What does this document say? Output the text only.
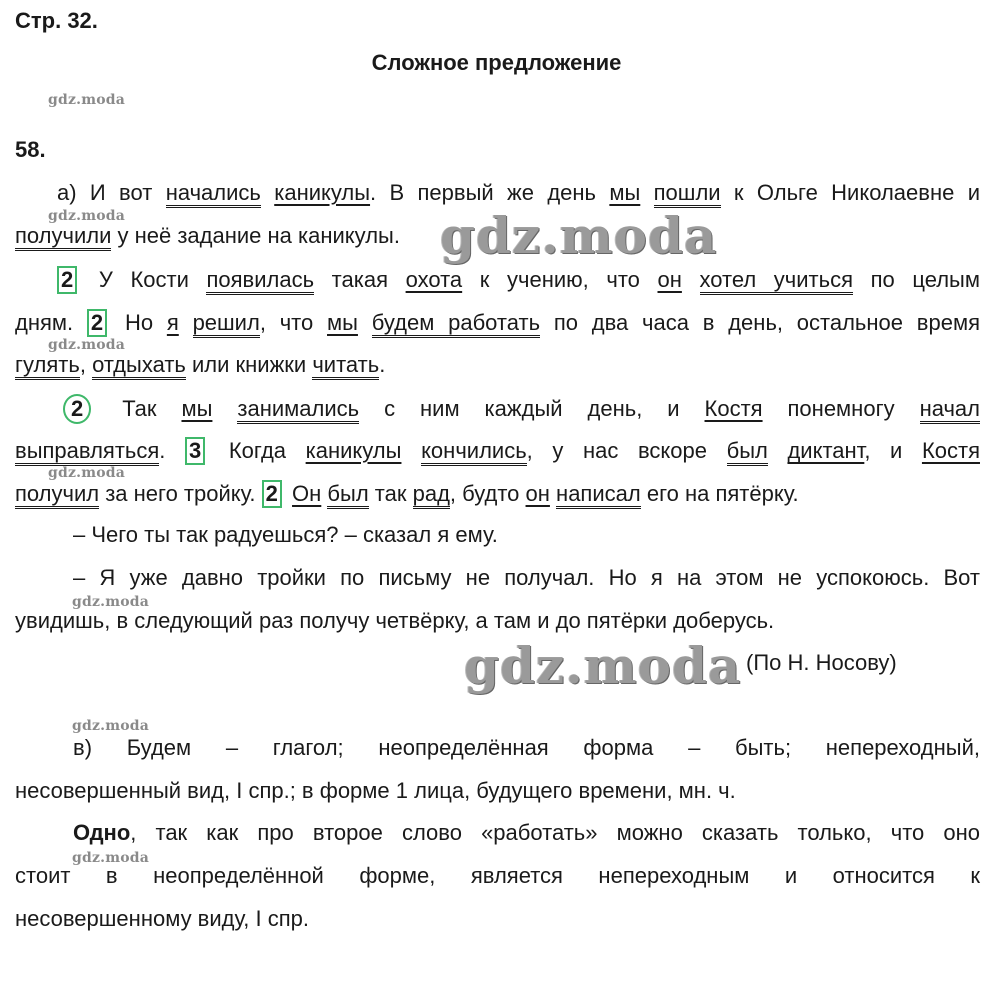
Стр. 32.
Сложное предложение
gdz.moda
58.
а) И вот начались каникулы. В первый же день мы пошли к Ольге Николаевне и
gdz.moda
получили у неё задание на каникулы. gdz.moda
2 У Кости появилась такая охота к учению, что он хотел учиться по целым
дням. 2 Но я решил, что мы будем работать по два часа в день, остальное время
gdz.moda
гулять, отдыхать или книжки читать.
2 Так мы занимались с ним каждый день, и Костя понемногу начал
выправляться. 3 Когда каникулы кончились, у нас вскоре был диктант, и Костя
gdz.moda
получил за него тройку. 2 Он был так рад, будто он написал его на пятёрку.
– Чего ты так радуешься? – сказал я ему.
– Я уже давно тройки по письму не получал. Но я на этом не успокоюсь. Вот
gdz.moda
увидишь, в следующий раз получу четвёрку, а там и до пятёрки доберусь.
gdz.moda (По Н. Носову)
gdz.moda
в) Будем – глагол; неопределённая форма – быть; непереходный,
несовершенный вид, I спр.; в форме 1 лица, будущего времени, мн. ч.
Одно, так как про второе слово «работать» можно сказать только, что оно
gdz.moda
стоит в неопределённой форме, является непереходным и относится к
несовершенному виду, I спр.
